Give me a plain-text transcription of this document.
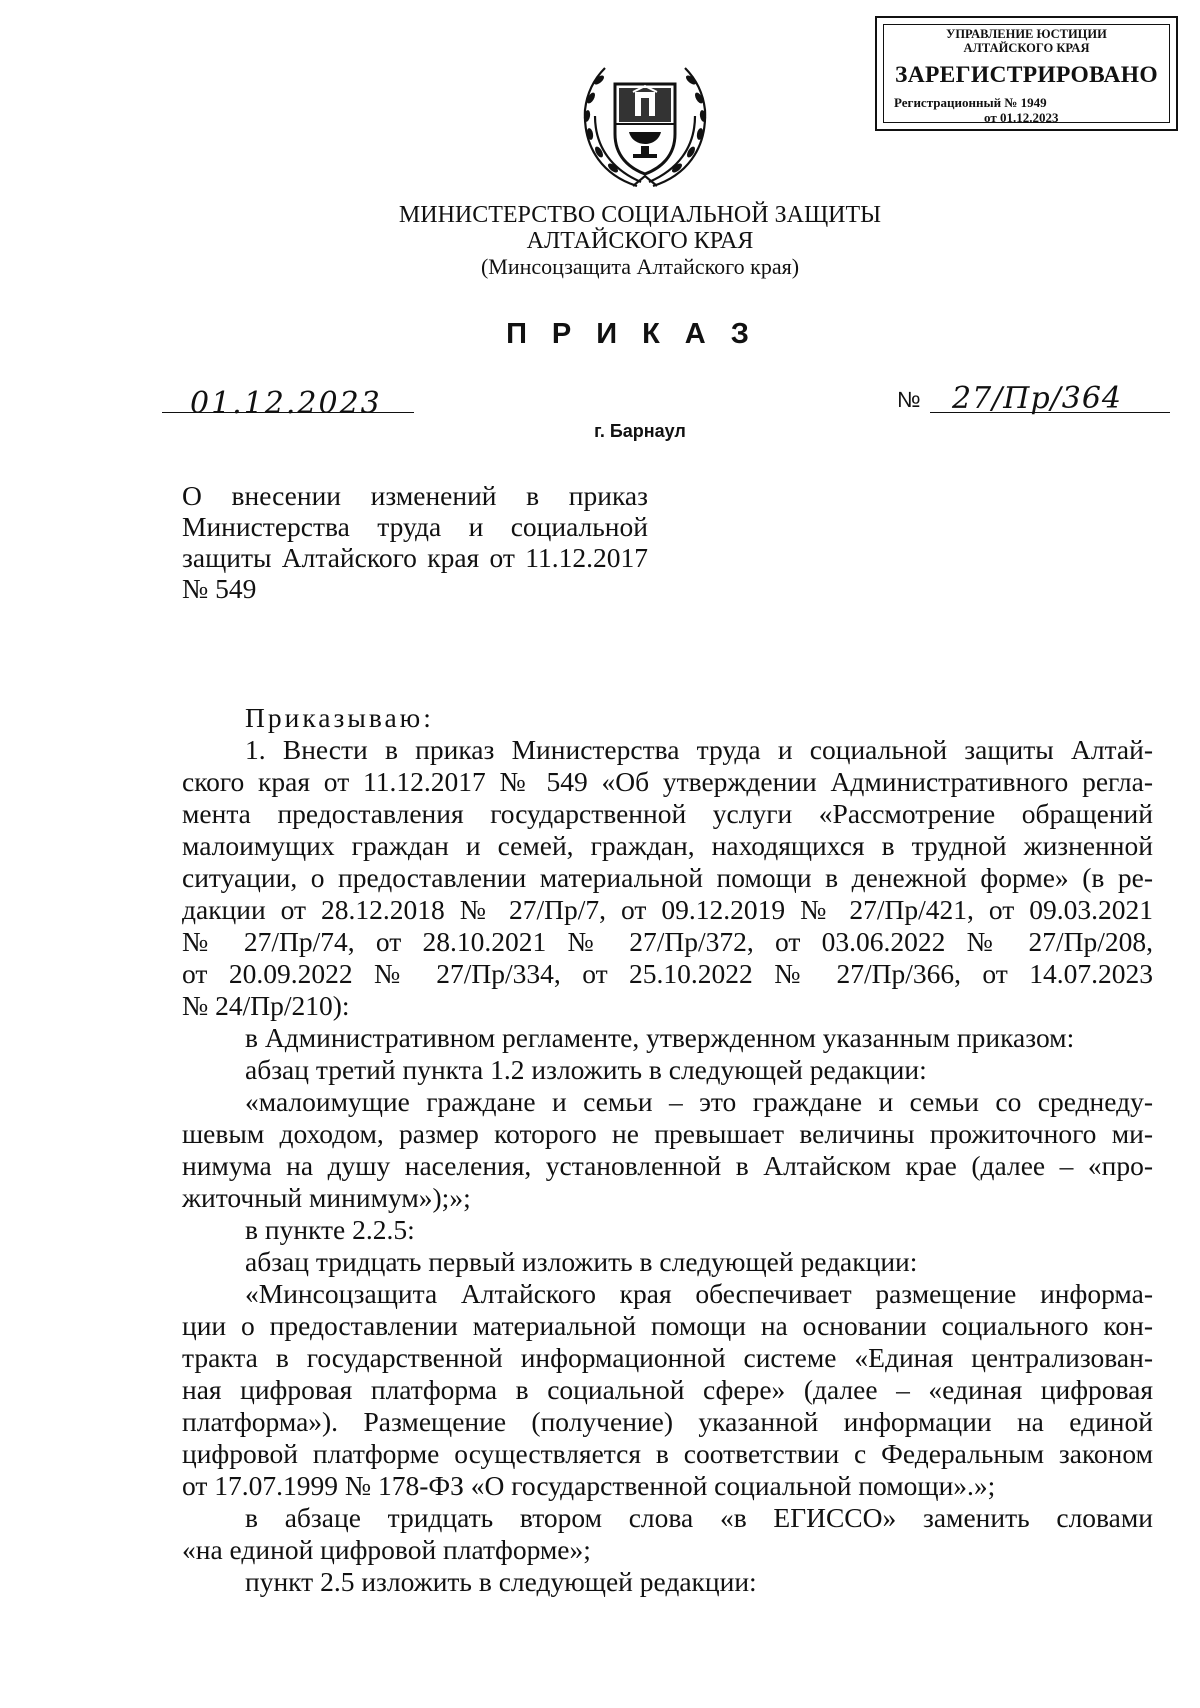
УПРАВЛЕНИЕ ЮСТИЦИИ
АЛТАЙСКОГО КРАЯ
ЗАРЕГИСТРИРОВАНО
Регистрационный № 1949
от 01.12.2023
МИНИСТЕРСТВО СОЦИАЛЬНОЙ ЗАЩИТЫ
АЛТАЙСКОГО КРАЯ
(Минсоцзащита Алтайского края)
ПРИКАЗ
01.12.2023	№ 27/Пр/364
г. Барнаул
О внесении изменений в приказ Министерства труда и социальной защиты Алтайского края от 11.12.2017 № 549
Приказываю:
1. Внести в приказ Министерства труда и социальной защиты Алтай-
ского края от 11.12.2017 № 549 «Об утверждении Административного регла-
мента предоставления государственной услуги «Рассмотрение обращений
малоимущих граждан и семей, граждан, находящихся в трудной жизненной
ситуации, о предоставлении материальной помощи в денежной форме» (в ре-
дакции от 28.12.2018 № 27/Пр/7, от 09.12.2019 № 27/Пр/421, от 09.03.2021
№ 27/Пр/74, от 28.10.2021 № 27/Пр/372, от 03.06.2022 № 27/Пр/208,
от 20.09.2022 № 27/Пр/334, от 25.10.2022 № 27/Пр/366, от 14.07.2023
№ 24/Пр/210):
в Административном регламенте, утвержденном указанным приказом:
абзац третий пункта 1.2 изложить в следующей редакции:
«малоимущие граждане и семьи – это граждане и семьи со среднеду-
шевым доходом, размер которого не превышает величины прожиточного ми-
нимума на душу населения, установленной в Алтайском крае (далее – «про-
житочный минимум»);»;
в пункте 2.2.5:
абзац тридцать первый изложить в следующей редакции:
«Минсоцзащита Алтайского края обеспечивает размещение информа-
ции о предоставлении материальной помощи на основании социального кон-
тракта в государственной информационной системе «Единая централизован-
ная цифровая платформа в социальной сфере» (далее – «единая цифровая
платформа»). Размещение (получение) указанной информации на единой
цифровой платформе осуществляется в соответствии с Федеральным законом
от 17.07.1999 № 178-ФЗ «О государственной социальной помощи».»;
в абзаце тридцать втором слова «в ЕГИССО» заменить словами
«на единой цифровой платформе»;
пункт 2.5 изложить в следующей редакции:
